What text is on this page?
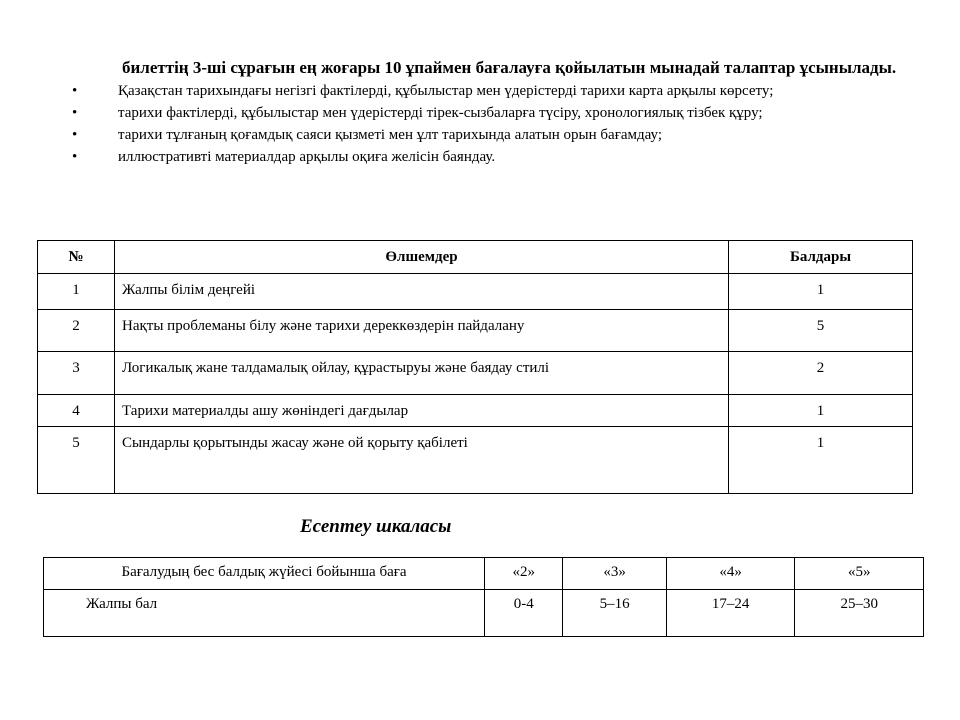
билеттің 3-ші сұрағын ең жоғары 10 ұпаймен бағалауға қойылатын мынадай талаптар ұсынылады.

•	Қазақстан тарихындағы негізгі фактілерді, құбылыстар мен үдерістерді тарихи карта арқылы көрсету;

•	тарихи фактілерді, құбылыстар мен үдерістерді тірек-сызбаларға түсіру, хронологиялық тізбек құру;

•	тарихи тұлғаның қоғамдық саяси қызметі мен ұлт тарихында алатын орын бағамдау;

•	иллюстративті материалдар арқылы оқиға желісін баяндау.

№	Өлшемдер	Балдары
1	Жалпы білім деңгейі	1
2	Нақты проблеманы білу және тарихи дереккөздерін пайдалану	5
3	Логикалық жане талдамалық ойлау, құрастыруы және баядау стилі	2
4	Тарихи материалды ашу жөніндегі дағдылар	1
5	Сындарлы қорытынды жасау және ой қорыту қабілеті	1

Есептеу шкаласы

Бағалудың бес балдық жүйесі бойынша баға	«2»	«3»	«4»	«5»
Жалпы бал	0-4	5–16	17–24	25–30
